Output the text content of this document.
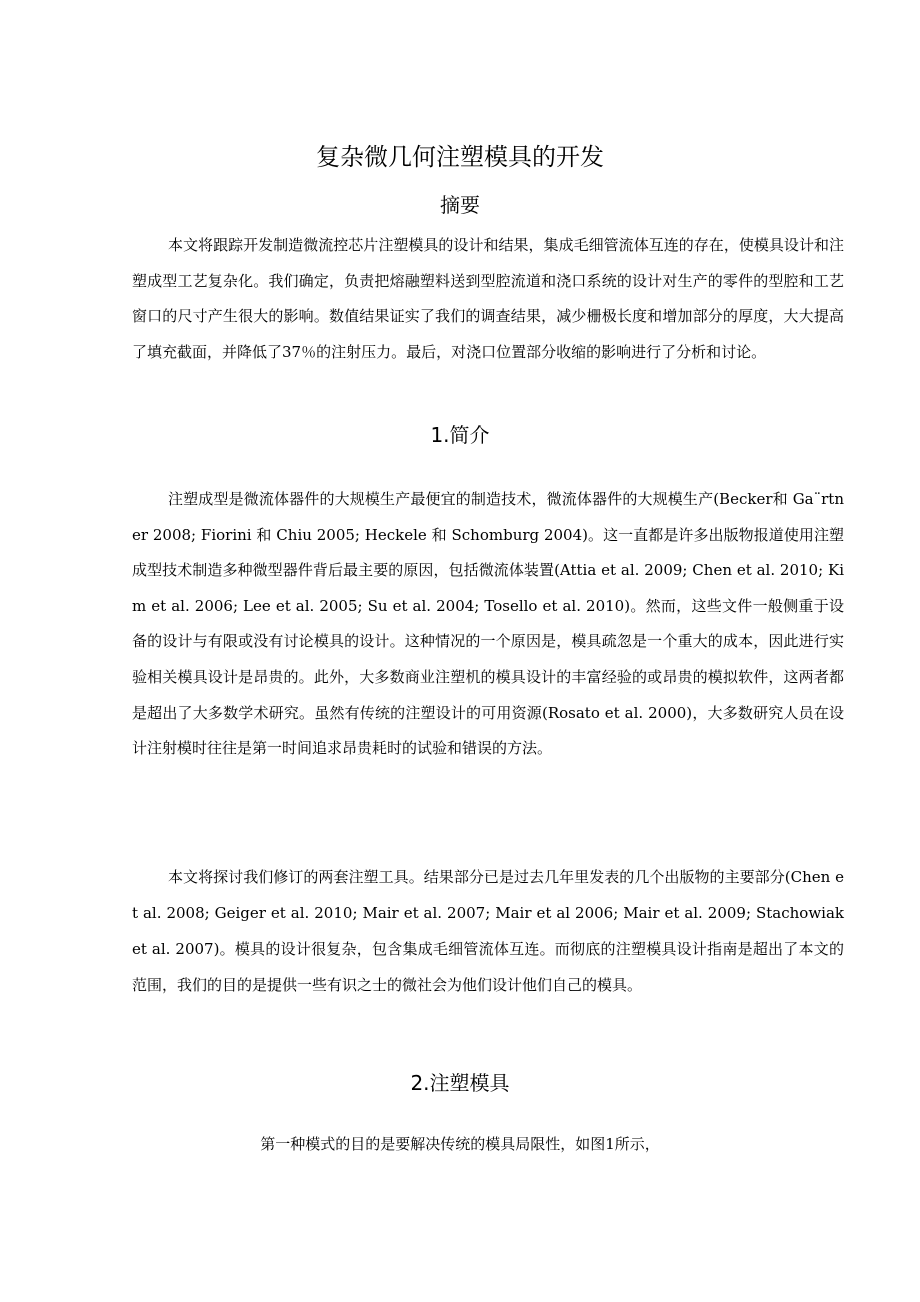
复杂微几何注塑模具的开发
摘要

本文将跟踪开发制造微流控芯片注塑模具的设计和结果，集成毛细管流体互连的存在，使模具设计和注塑成型工艺复杂化。我们确定，负责把熔融塑料送到型腔流道和浇口系统的设计对生产的零件的型腔和工艺窗口的尺寸产生很大的影响。数值结果证实了我们的调查结果，减少栅极长度和增加部分的厚度，大大提高了填充截面，并降低了37％的注射压力。最后，对浇口位置部分收缩的影响进行了分析和讨论。

1.简介

注塑成型是微流体器件的大规模生产最便宜的制造技术，微流体器件的大规模生产(Becker和 Ga¨rtner 2008; Fiorini 和 Chiu 2005; Heckele 和 Schomburg 2004)。这一直都是许多出版物报道使用注塑成型技术制造多种微型器件背后最主要的原因，包括微流体装置(Attia et al. 2009; Chen et al. 2010; Kim et al. 2006; Lee et al. 2005; Su et al. 2004; Tosello et al. 2010)。然而，这些文件一般侧重于设备的设计与有限或没有讨论模具的设计。这种情况的一个原因是，模具疏忽是一个重大的成本，因此进行实验相关模具设计是昂贵的。此外，大多数商业注塑机的模具设计的丰富经验的或昂贵的模拟软件，这两者都是超出了大多数学术研究。虽然有传统的注塑设计的可用资源(Rosato et al. 2000)，大多数研究人员在设计注射模时往往是第一时间追求昂贵耗时的试验和错误的方法。

本文将探讨我们修订的两套注塑工具。结果部分已是过去几年里发表的几个出版物的主要部分(Chen et al. 2008; Geiger et al. 2010; Mair et al. 2007; Mair et al 2006; Mair et al. 2009; Stachowiak et al. 2007)。模具的设计很复杂，包含集成毛细管流体互连。而彻底的注塑模具设计指南是超出了本文的范围，我们的目的是提供一些有识之士的微社会为他们设计他们自己的模具。

2.注塑模具

第一种模式的目的是要解决传统的模具局限性，如图1所示，
